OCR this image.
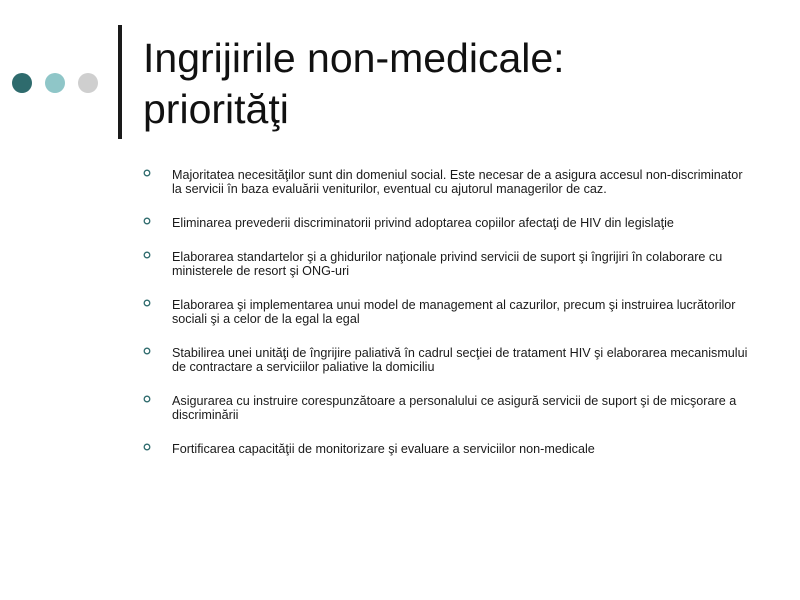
Ingrijirile non-medicale:
priorităţi
Majoritatea necesităţilor sunt din domeniul social. Este necesar de a asigura accesul non-discriminator la servicii în baza evaluării veniturilor, eventual cu ajutorul managerilor de caz.
Eliminarea prevederii discriminatorii privind adoptarea copiilor afectaţi de HIV din legislaţie
Elaborarea standartelor şi a ghidurilor naţionale privind servicii de suport şi îngrijiri în colaborare cu ministerele de resort şi ONG-uri
Elaborarea şi implementarea unui model de management al cazurilor, precum şi instruirea lucrătorilor sociali şi a celor de la egal la egal
Stabilirea unei unităţi de îngrijire paliativă în cadrul secţiei de tratament HIV şi elaborarea mecanismului de contractare a serviciilor paliative la domiciliu
Asigurarea cu instruire corespunzătoare a personalului ce asigură servicii de suport şi de micşorare a discriminării
Fortificarea capacităţii de monitorizare şi evaluare a serviciilor non-medicale
